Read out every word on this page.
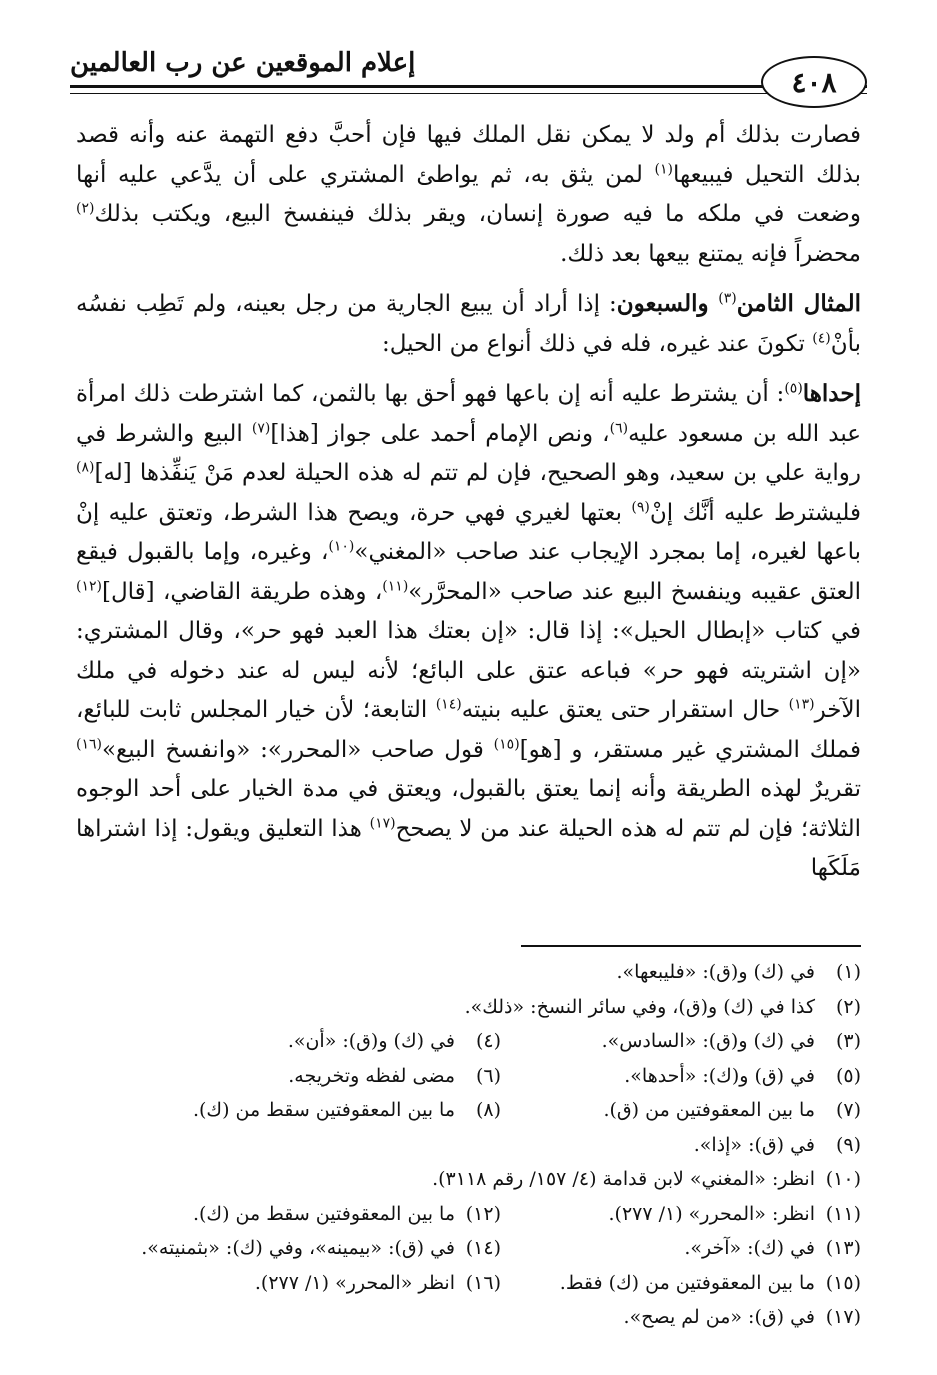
إعلام الموقعين عن رب العالمين
٤٠٨

فصارت بذلك أم ولد لا يمكن نقل الملك فيها فإن أحبَّ دفع التهمة عنه وأنه قصد بذلك التحيل فيبيعها$^{(١)}$ لمن يثق به، ثم يواطئ المشتري على أن يدَّعي عليه أنها وضعت في ملكه ما فيه صورة إنسان، ويقر بذلك فينفسخ البيع، ويكتب بذلك$^{(٢)}$ محضراً فإنه يمتنع بيعها بعد ذلك.

المثال الثامن$^{(٣)}$ والسبعون: إذا أراد أن يبيع الجارية من رجل بعينه، ولم تَطِب نفسُه بأنْ$^{(٤)}$ تكونَ عند غيره، فله في ذلك أنواع من الحيل:

إحداها$^{(٥)}$: أن يشترط عليه أنه إن باعها فهو أحق بها بالثمن، كما اشترطت ذلك امرأة عبد الله بن مسعود عليه$^{(٦)}$، ونص الإمام أحمد على جواز [هذا]$^{(٧)}$ البيع والشرط في رواية علي بن سعيد، وهو الصحيح، فإن لم تتم له هذه الحيلة لعدم مَنْ يَنفِّذها [له]$^{(٨)}$ فليشترط عليه أنَّك إنْ$^{(٩)}$ بعتها لغيري فهي حرة، ويصح هذا الشرط، وتعتق عليه إنْ باعها لغيره، إما بمجرد الإيجاب عند صاحب «المغني»$^{(١٠)}$، وغيره، وإما بالقبول فيقع العتق عقيبه وينفسخ البيع عند صاحب «المحرَّر»$^{(١١)}$، وهذه طريقة القاضي، [قال]$^{(١٢)}$ في كتاب «إبطال الحيل»: إذا قال: «إن بعتك هذا العبد فهو حر»، وقال المشتري: «إن اشتريته فهو حر» فباعه عتق على البائع؛ لأنه ليس له عند دخوله في ملك الآخر$^{(١٣)}$ حال استقرار حتى يعتق عليه بنيته$^{(١٤)}$ التابعة؛ لأن خيار المجلس ثابت للبائع، فملك المشتري غير مستقر، و [هو]$^{(١٥)}$ قول صاحب «المحرر»: «وانفسخ البيع»$^{(١٦)}$ تقريرٌ لهذه الطريقة وأنه إنما يعتق بالقبول، ويعتق في مدة الخيار على أحد الوجوه الثلاثة؛ فإن لم تتم له هذه الحيلة عند من لا يصحح$^{(١٧)}$ هذا التعليق ويقول: إذا اشتراها مَلَكَها

(١)في (ك) و(ق): «فليبعها».
(٢)كذا في (ك) و(ق)، وفي سائر النسخ: «ذلك».
(٣)في (ك) و(ق): «السادس».
(٤)في (ك) و(ق): «أن».
(٥)في (ق) و(ك): «أحدها».
(٦)مضى لفظه وتخريجه.
(٧)ما بين المعقوفتين من (ق).
(٨)ما بين المعقوفتين سقط من (ك).
(٩)في (ق): «إذا».
(١٠)انظر: «المغني» لابن قدامة (٤/ ١٥٧/ رقم ٣١١٨).
(١١)انظر: «المحرر» (١/ ٢٧٧).
(١٢)ما بين المعقوفتين سقط من (ك).
(١٣)في (ك): «آخر».
(١٤)في (ق): «بيمينه»، وفي (ك): «بثمنيته».
(١٥)ما بين المعقوفتين من (ك) فقط.
(١٦)انظر «المحرر» (١/ ٢٧٧).
(١٧)في (ق): «من لم يصح».
